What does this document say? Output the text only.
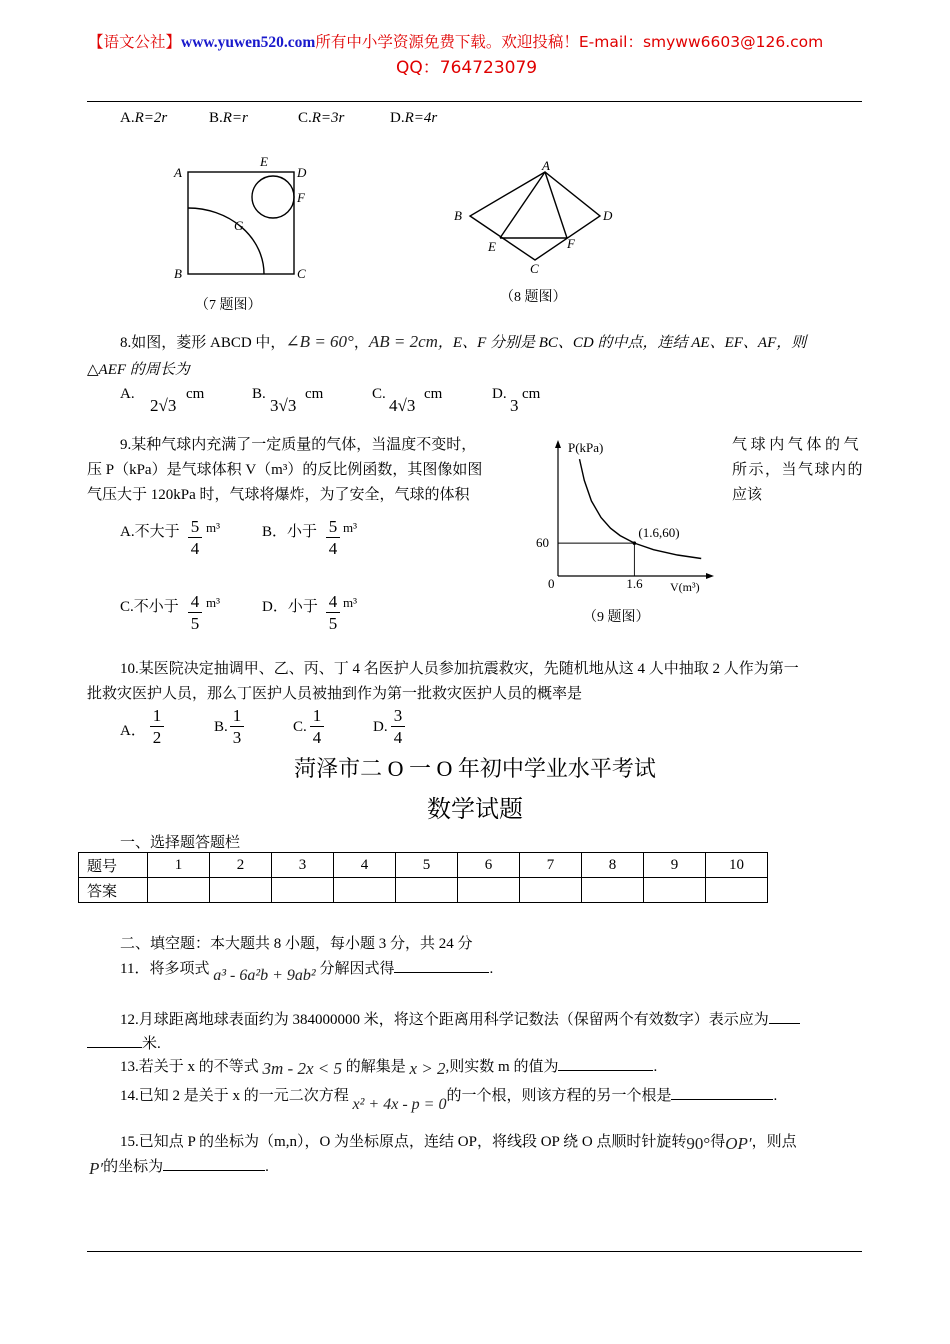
【语文公社】www.yuwen520.com所有中小学资源免费下载。欢迎投稿！E-mail：smyww6603@126.com
QQ：764723079
A.R=2r	B.R=r	C.R=3r	D.R=4r
A
B	C
D
E
F
G
（7 题图）
A
B
C
D
E	F
（8 题图）
8.如图，菱形 ABCD 中，∠B = 60°，AB = 2cm，E、F 分别是 BC、CD 的中点，连结 AE、EF、AF，则
△AEF 的周长为
A.
2√3
cm	B.
3√3
cm	C.
4√3
cm	D.
3
cm
9.某种气球内充满了一定质量的气体，当温度不变时，	气球内气体的气
压 P（kPa）是气球体积 V（m³）的反比例函数，其图像如图	所示，当气球内的
气压大于 120kPa 时，气球将爆炸，为了安全，气球的体积	应该
A.不大于 5
4
m³	B．小于 5
4
m³
C.不小于 4
5
m³	D．小于 4
5
m³
P(kPa)
V(m³)
60
0	1.6
(1.6,60)
（9 题图）
10.某医院决定抽调甲、乙、丙、丁 4 名医护人员参加抗震救灾，先随机地从这 4 人中抽取 2 人作为第一
批救灾医护人员，那么丁医护人员被抽到作为第一批救灾医护人员的概率是
A．
1
2
B.
1
3
C.
1
4
D.
3
4
菏泽市二 O 一 O 年初中学业水平考试
数学试题
一、选择题答题栏
题号	1	2	3	4	5	6	7	8	9	10
答案										
二、填空题：本大题共 8 小题，每小题 3 分，共 24 分
11．将多项式 a³ - 6a²b + 9ab² 分解因式得	.
12.月球距离地球表面约为 384000000 米，将这个距离用科学记数法（保留两个有效数字）表示应为
米.
13.若关于 x 的不等式 3m - 2x < 5 的解集是 x > 2,则实数 m 的值为	.
14.已知 2 是关于 x 的一元二次方程 x² + 4x - p = 0的一个根，则该方程的另一个根是	.
15.已知点 P 的坐标为（m,n），O 为坐标原点，连结 OP，将线段 OP 绕 O 点顺时针旋转90°得OP′，则点
P′的坐标为	.
